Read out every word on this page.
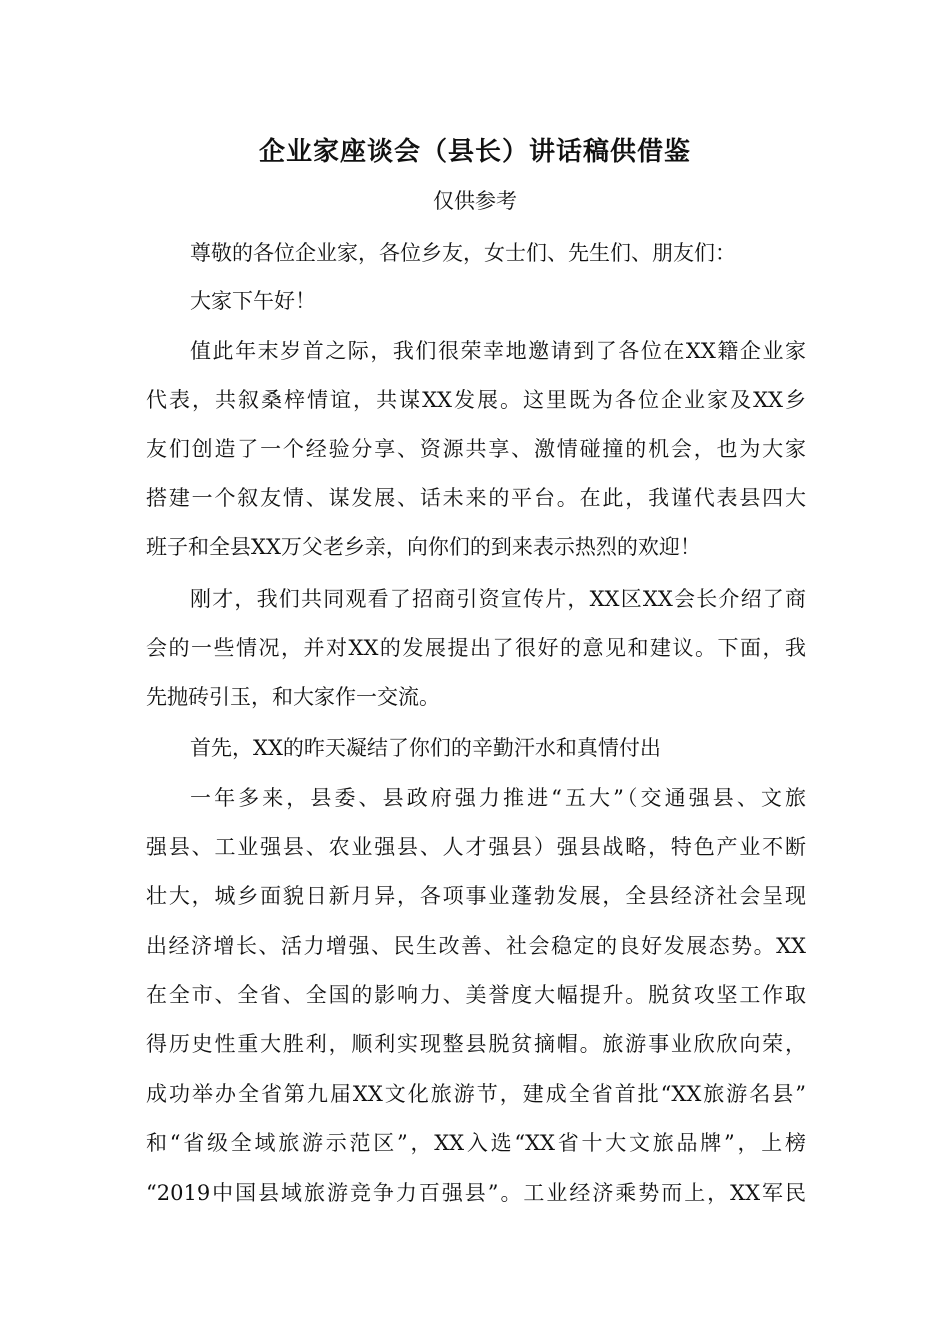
企业家座谈会（县长）讲话稿供借鉴
仅供参考
尊敬的各位企业家，各位乡友，女士们、先生们、朋友们：
大家下午好！
值此年末岁首之际，我们很荣幸地邀请到了各位在XX籍企业家
代表，共叙桑梓情谊，共谋XX发展。这里既为各位企业家及XX乡
友们创造了一个经验分享、资源共享、激情碰撞的机会，也为大家
搭建一个叙友情、谋发展、话未来的平台。在此，我谨代表县四大
班子和全县XX万父老乡亲，向你们的到来表示热烈的欢迎！
刚才，我们共同观看了招商引资宣传片，XX区XX会长介绍了商
会的一些情况，并对XX的发展提出了很好的意见和建议。下面，我
先抛砖引玉，和大家作一交流。
首先，XX的昨天凝结了你们的辛勤汗水和真情付出
一年多来，县委、县政府强力推进“五大”（交通强县、文旅
强县、工业强县、农业强县、人才强县）强县战略，特色产业不断
壮大，城乡面貌日新月异，各项事业蓬勃发展，全县经济社会呈现
出经济增长、活力增强、民生改善、社会稳定的良好发展态势。XX
在全市、全省、全国的影响力、美誉度大幅提升。脱贫攻坚工作取
得历史性重大胜利，顺利实现整县脱贫摘帽。旅游事业欣欣向荣，
成功举办全省第九届XX文化旅游节，建成全省首批“XX旅游名县”
和“省级全域旅游示范区”，XX入选“XX省十大文旅品牌”，上榜
“2019中国县域旅游竞争力百强县”。工业经济乘势而上，XX军民
